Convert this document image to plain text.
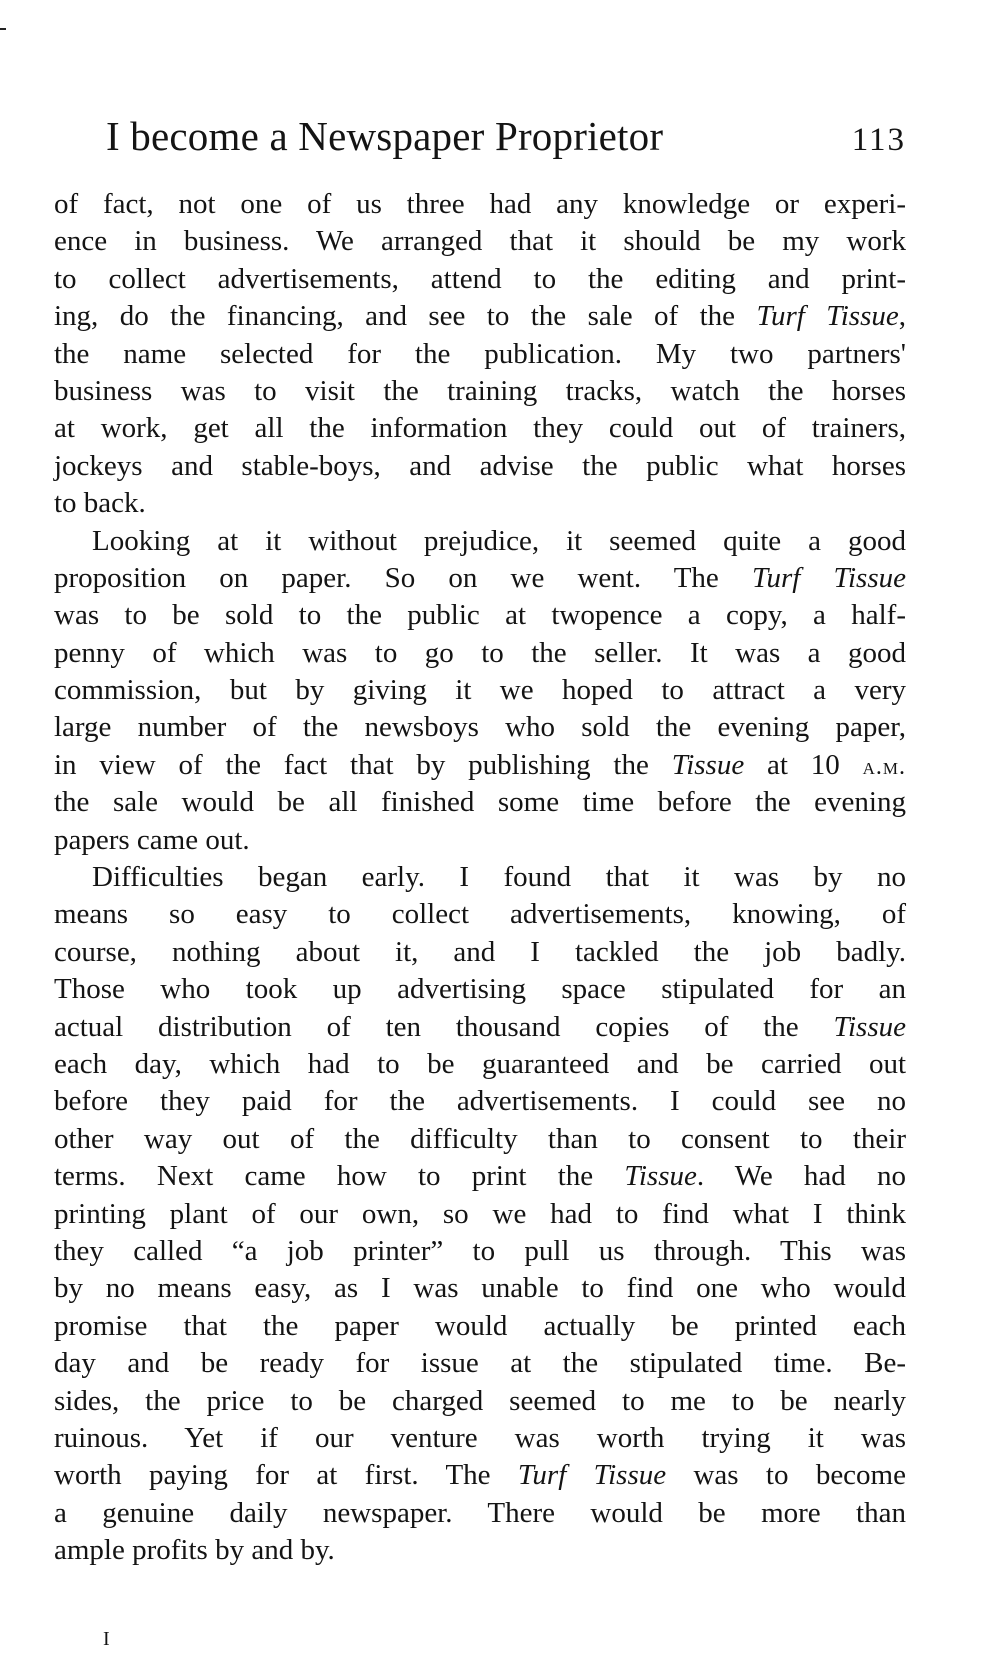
I become a Newspaper Proprietor	113
of fact, not one of us three had any knowledge or experi-
ence in business. We arranged that it should be my work
to collect advertisements, attend to the editing and print-
ing, do the financing, and see to the sale of the Turf Tissue,
the name selected for the publication. My two partners'
business was to visit the training tracks, watch the horses
at work, get all the information they could out of trainers,
jockeys and stable-boys, and advise the public what horses
to back.
Looking at it without prejudice, it seemed quite a good
proposition on paper. So on we went. The Turf Tissue
was to be sold to the public at twopence a copy, a half-
penny of which was to go to the seller. It was a good
commission, but by giving it we hoped to attract a very
large number of the newsboys who sold the evening paper,
in view of the fact that by publishing the Tissue at 10 a.m.
the sale would be all finished some time before the evening
papers came out.
Difficulties began early. I found that it was by no
means so easy to collect advertisements, knowing, of
course, nothing about it, and I tackled the job badly.
Those who took up advertising space stipulated for an
actual distribution of ten thousand copies of the Tissue
each day, which had to be guaranteed and be carried out
before they paid for the advertisements. I could see no
other way out of the difficulty than to consent to their
terms. Next came how to print the Tissue. We had no
printing plant of our own, so we had to find what I think
they called “a job printer” to pull us through. This was
by no means easy, as I was unable to find one who would
promise that the paper would actually be printed each
day and be ready for issue at the stipulated time. Be-
sides, the price to be charged seemed to me to be nearly
ruinous. Yet if our venture was worth trying it was
worth paying for at first. The Turf Tissue was to become
a genuine daily newspaper. There would be more than
ample profits by and by.
I
